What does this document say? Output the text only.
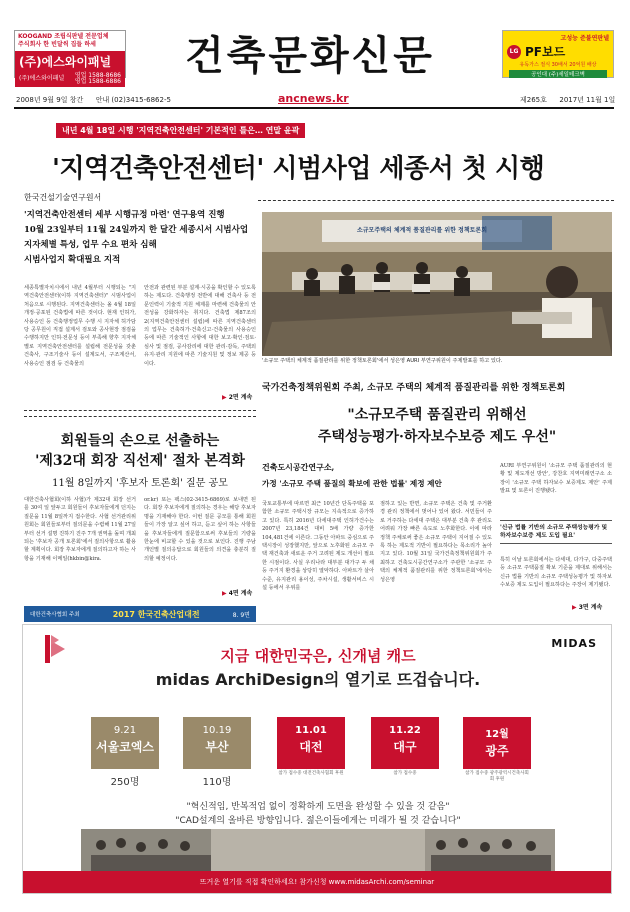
KOOGAND 조립식판넬 전문업체
주식회사 한 빈달씩 집들 하세
(주)에스와이패널
(주)에스와이패널 영업 1588-8686
영업 1588-6886
건축문화신문	고성능 준불연판넬
LG PF보드
유독가스 절식 30배서 20억원 배상
공인대 (주)세일테크벽
2008년 9월 9일 창간 안내 (02)3415-6862-5	ancnews.kr	제265호 2017년 11월 1일
내년 4월 18일 시행 '지역건축안전센터' 기본적인 틀은… 연말 윤곽
'지역건축안전센터' 시범사업 세종서 첫 시행
한국건설기술연구원서
'지역건축안전센터 세부 시행규정 마련' 연구용역 진행
10월 23일부터 11월 24일까지 한 달간 세종시서 시범사업
지자체별 특성, 업무 수요 편차 심해
시범사업지 확대필요 지적
세종특별자치시에서 내년 4월부터 시행되는 "지역건축안전센터(이하 지역건축센터)" 시범사업이 처음으로 시행된다. 지역건축센터는 올 4월 18일 개정·공포된 건축법에 따른 것이다. 현재 인허가, 사용승인 등 건축행정업무 수행 시 지자체 허가담당 공무원이 직접 설계서 검토와 공사현장 점검을 수행하지만 인허·전문성 등이 부족해 향후 지자체별로 지역건축안전센터를 설립해 전문성을 갖춘 건축사, 구조기술사 등이 설계도서, 구조계산서, 사용승인 점검 등 건축물의
안전과 관련된 부분 설계·시공을 확인할 수 있도록 하는 제도다. 건축행정 전반에 대해 건축사 등 전문인력이 기술적 지원 체제를 마련해 건축물의 안전성을 강화하자는 취지다. 건축법 제87조의 2(지역건축안전센터 설립)에 따른 지역건축센터의 업무는 건축허가·건축신고·건축물의 사용승인 등에 따른 기술적인 사항에 대한 보고·확인·검토·심사 및 점검, 공사감리에 대한 관리·감독, 주택외 유지·관리 지원에 따른 기술지원 및 정보 제공 등이다.
▶ 2면 계속
소규모주택의 체계적 품질관리를 위한 정책토론회
'소규모 주택의 체계적 품질관리를 위한 정책토론회'에서 성은영 AURI 부연구위원이 주제발표를 하고 있다.
국가건축정책위원회 주최, 소규모 주택의 체계적 품질관리를 위한 정책토론회
"소규모주택 품질관리 위해선
주택성능평가·하자보수보증 제도 우선"
건축도시공간연구소,
가정 '소규모 주택 품질의 확보에 관한 법률' 제정 제안
국토교통부에 따르면 최근 10년간 단독주택을 포함한 소규모 주택시장 규모는 지속적으로 증가하고 있다. 특히 2016년 다세대주택 인허가건수는 2007년 23,184건 대비 5배 가량 증가한 104,481건에 이른다. 그동안 아파트 중심으로 주택시장이 성장했지만, 앞으로 노후화된 소규모 주택 재건축과 새로운 주거 고려된 제도 개선이 필요한 시점이다. 사실 우리나라 대부분 대가구 두 채 등 주거지 환경을 상당히 열악하다. 아파트가 살아수준, 유지관리 용이성, 주차시설, 생활서비스 시설 등에서 우위를
점하고 있는 반면, 소규모 주택은 건축 및 주거환경 관리 정책에서 벗어나 있어 왔다. 서민들이 주로 거주하는 다세대 주택은 대부분 건축 후 관리도 어려워 가장 빠른 속도로 노후화한다. 이에 따라 정책 주체로써 좋은 소규모 주택이 지어질 수 있도록 하는 제도적 기반이 필요하다는 목소리가 높아지고 있다. 10월 31일 국가건축정책위원회가 주최하고 건축도시공간연구소가 주관한 '소규모 주택의 체계적 품질관리를 위한 정책토론회'에서는 성은영
AURI 부연구위원이 '소규모 주택 품질관리의 현황 및 제도개선 방안', 강찬호 지역미래연구소 소장이 '소규모 주택 하자보수 보증제도 제안' 주제발표 및 토론이 진행됐다.
'신규 법률 기반의 소규모 주택성능평가 및 하자보수보증 제도 도입 필요'
특히 이날 토론회에서는 다세대, 다가구, 다중주택 등 소규모 주택품질 확보 기준을 제대로 위해서는 신규 법률 기반의 소규모 주택성능평가 및 하자보수보증 제도 도입이 필요하다는 주장이 제기됐다.
▶ 3면 계속
회원들의 손으로 선출하는
'제32대 회장 직선제' 절차 본격화
11월 8일까지 '후보자 토론회' 질문 공모
대한건축사협회(이하 사협)가 제32대 회장 선거를 30여 일 앞두고 회원들이 후보자들에게 던지는 질문을 11월 8일까지 접수한다. 사협 선거관리위원회는 회원들로부터 질의문을 수렴해 11월 27일 부터 선거 설명 진하기 진주 7개 권역을 돌며 개최되는 '후보자 공개 토론회'에서 질의사항으로 활용할 계획이다. 회장 후보자에게 질의하고자 하는 사항을 기재해 이메일(hkbin@kira.
or.kr) 또는 팩스(02-3415-6869)로 보내면 된다. 회장 후보자에게 질의하는 경우는 해당 후보자명을 기재해야 한다. 이번 질문 공모를 통해 회원들이 가장 알고 싶어 하고, 듣고 싶어 하는 사항들을 후보자들에게 질문함으로써 후보들의 기량을 한눈에 비교할 수 있을 것으로 보인다. 진행 주남 개인별 질의응답으로 회원들의 의견을 충분히 질의할 예정이다.
▶ 4면 계속
대한건축사협회 주최	2017 한국건축산업대전	8. 9면
지금 대한민국은, 신개념 캐드
midas ArchiDesign의 열기로 뜨겁습니다.
MIDAS
9.21
서울코엑스
250명
10.19
부산
110명
11.01
대전
참가 접수중 대전건축사협회 후원
11.22
대구
참가 접수중
12월
광주
참가 접수중 광주광역시건축사회회 후원
"혁신적임, 반복적업 없이 정확하게 도면을 완성할 수 있을 것 같음"
"CAD설계의 올바른 방향입니다. 젊은이들에게는 미래가 될 것 같습니다"
뜨거운 열기를 직접 확인하세요! 참가신청 www.midasArchi.com/seminar
